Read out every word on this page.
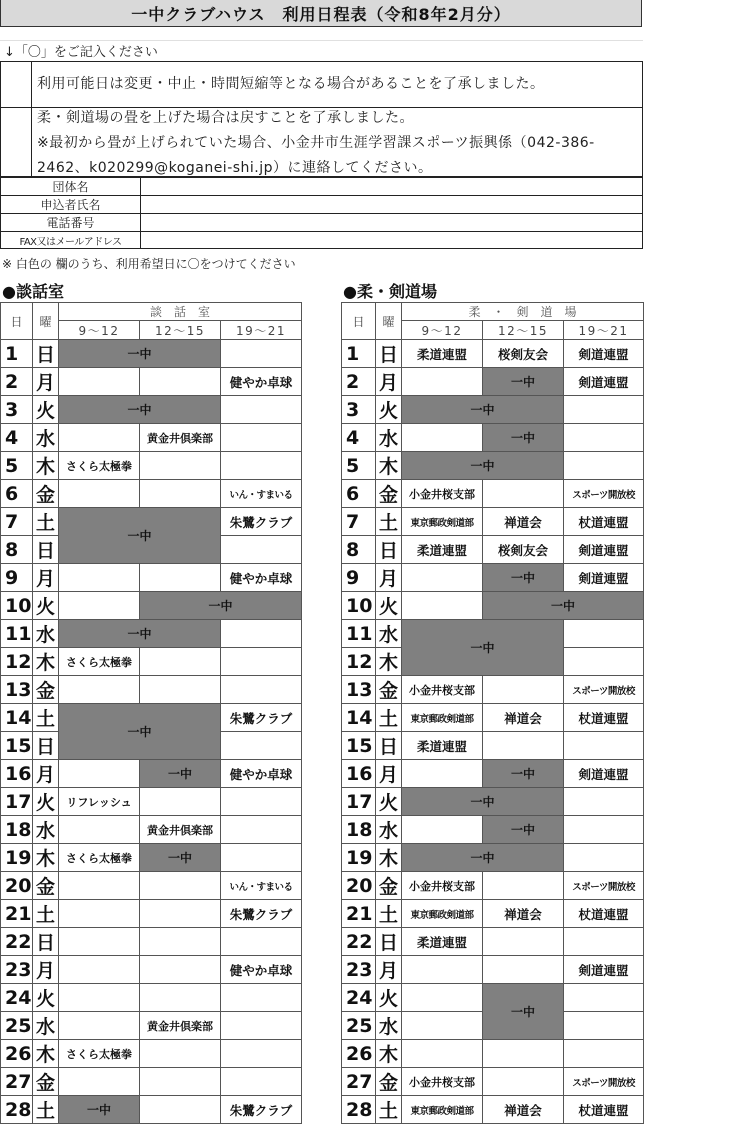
一中クラブハウス　利用日程表（令和8年2月分）
↓「〇」をご記入ください
利用可能日は変更・中止・時間短縮等となる場合があることを了承しました。
柔・剣道場の畳を上げた場合は戻すことを了承しました。
※最初から畳が上げられていた場合、小金井市生涯学習課スポーツ振興係（042-386-2462、k020299@koganei-shi.jp）に連絡してください。
団体名	
申込者氏名	
電話番号	
FAX又はメールアドレス	
※ 白色の 欄のうち、利用希望日に〇をつけてください
●談話室	●柔・剣道場
日	曜	談　話　室		
		9～12	12～15	19～21
1	日	一中		
2	月			健やか卓球
3	火	一中		
4	水		黄金井倶楽部	
5	木	さくら太極拳		
6	金			いん・すまいる
7	土	一中		朱鷺クラブ
8	日			
9	月			健やか卓球
10	火		一中	
11	水	一中		
12	木	さくら太極拳		
13	金			
14	土	一中		朱鷺クラブ
15	日			
16	月		一中	健やか卓球
17	火	リフレッシュ		
18	水		黄金井倶楽部	
19	木	さくら太極拳	一中	
20	金			いん・すまいる
21	土			朱鷺クラブ
22	日			
23	月			健やか卓球
24	火			
25	水		黄金井倶楽部	
26	木	さくら太極拳		
27	金			
28	土	一中		朱鷺クラブ
日	曜	柔　・　剣　道　場		
		9～12	12～15	19～21
1	日	柔道連盟	桜剣友会	剣道連盟
2	月		一中	剣道連盟
3	火	一中		
4	水		一中	
5	木	一中		
6	金	小金井桜支部		スポーツ開放校
7	土	東京郵政剣道部	禅道会	杖道連盟
8	日	柔道連盟	桜剣友会	剣道連盟
9	月		一中	剣道連盟
10	火		一中	
11	水	一中		
12	木			
13	金	小金井桜支部		スポーツ開放校
14	土	東京郵政剣道部	禅道会	杖道連盟
15	日	柔道連盟		
16	月		一中	剣道連盟
17	火	一中		
18	水		一中	
19	木	一中		
20	金	小金井桜支部		スポーツ開放校
21	土	東京郵政剣道部	禅道会	杖道連盟
22	日	柔道連盟		
23	月			剣道連盟
24	火		一中	
25	水			
26	木			
27	金	小金井桜支部		スポーツ開放校
28	土	東京郵政剣道部	禅道会	杖道連盟
